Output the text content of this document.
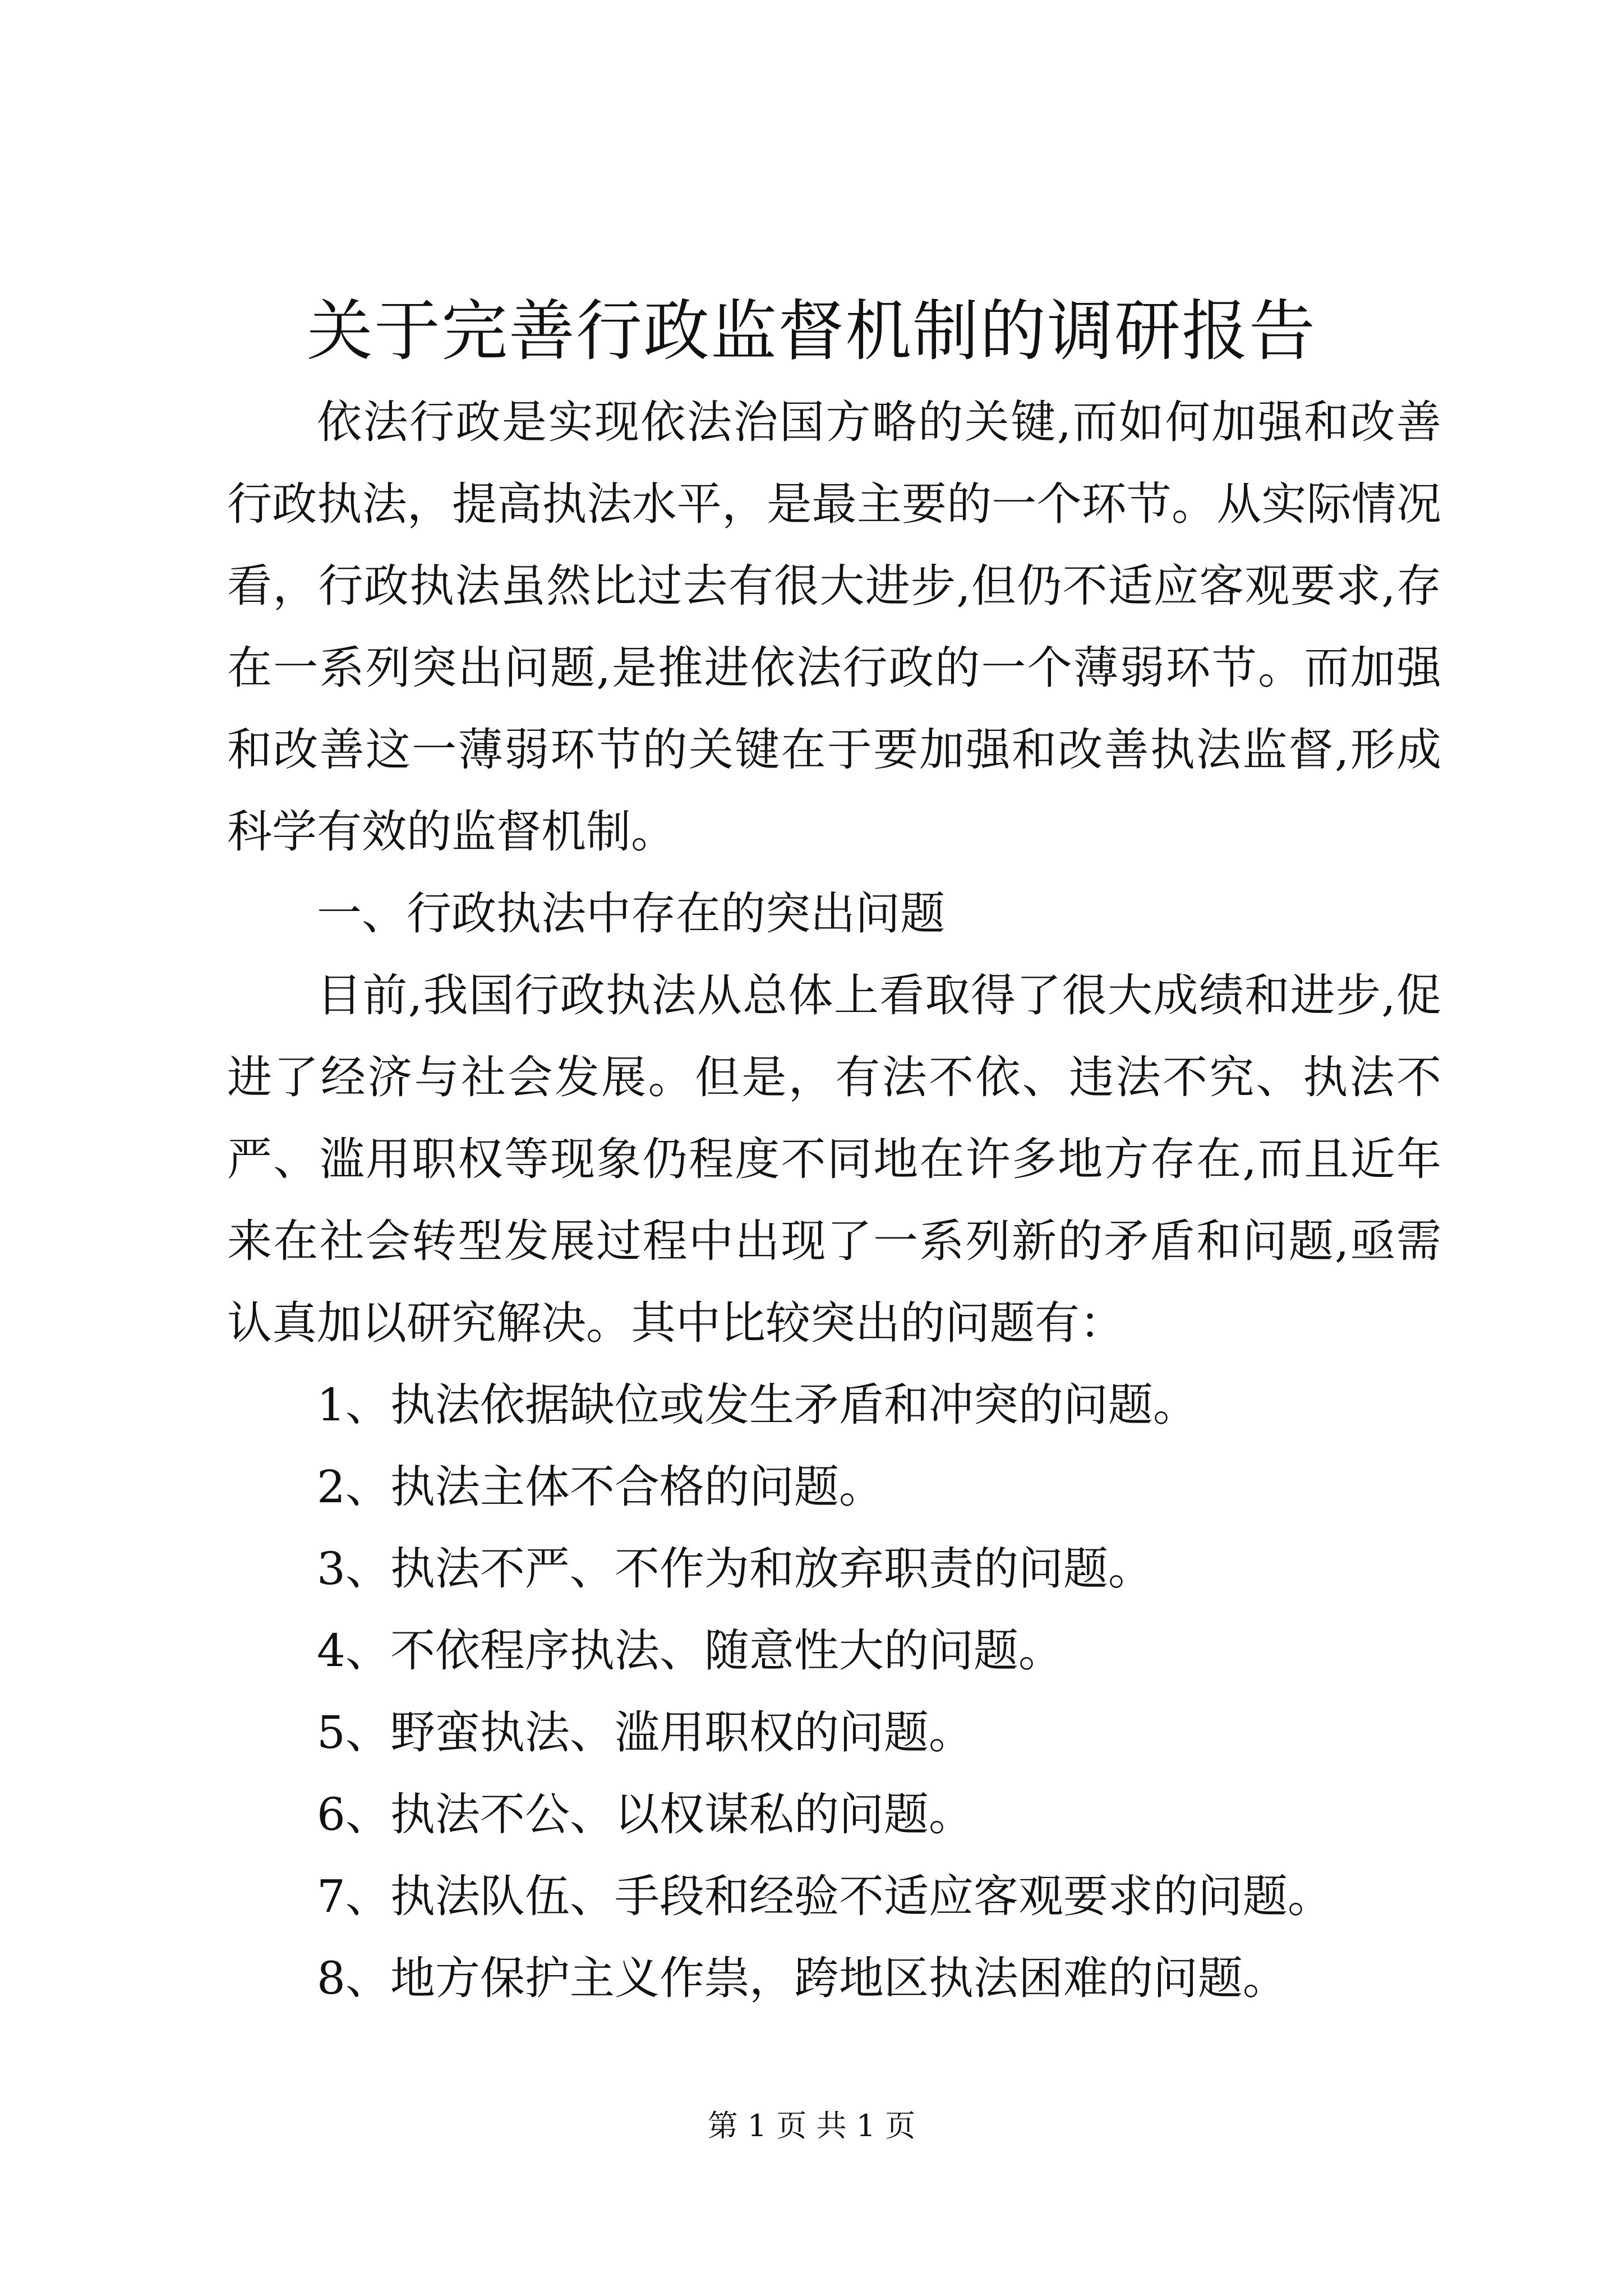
关于完善行政监督机制的调研报告

依法行政是实现依法治国方略的关键,而如何加强和改善行政执法，提高执法水平，是最主要的一个环节。从实际情况看，行政执法虽然比过去有很大进步,但仍不适应客观要求,存在一系列突出问题,是推进依法行政的一个薄弱环节。而加强和改善这一薄弱环节的关键在于要加强和改善执法监督,形成科学有效的监督机制。

一、行政执法中存在的突出问题

目前,我国行政执法从总体上看取得了很大成绩和进步,促进了经济与社会发展。但是，有法不依、违法不究、执法不严、滥用职权等现象仍程度不同地在许多地方存在,而且近年来在社会转型发展过程中出现了一系列新的矛盾和问题,亟需认真加以研究解决。其中比较突出的问题有：

1、执法依据缺位或发生矛盾和冲突的问题。

2、执法主体不合格的问题。

3、执法不严、不作为和放弃职责的问题。

4、不依程序执法、随意性大的问题。

5、野蛮执法、滥用职权的问题。

6、执法不公、以权谋私的问题。

7、执法队伍、手段和经验不适应客观要求的问题。

8、地方保护主义作祟，跨地区执法困难的问题。

第 1 页 共 1 页
